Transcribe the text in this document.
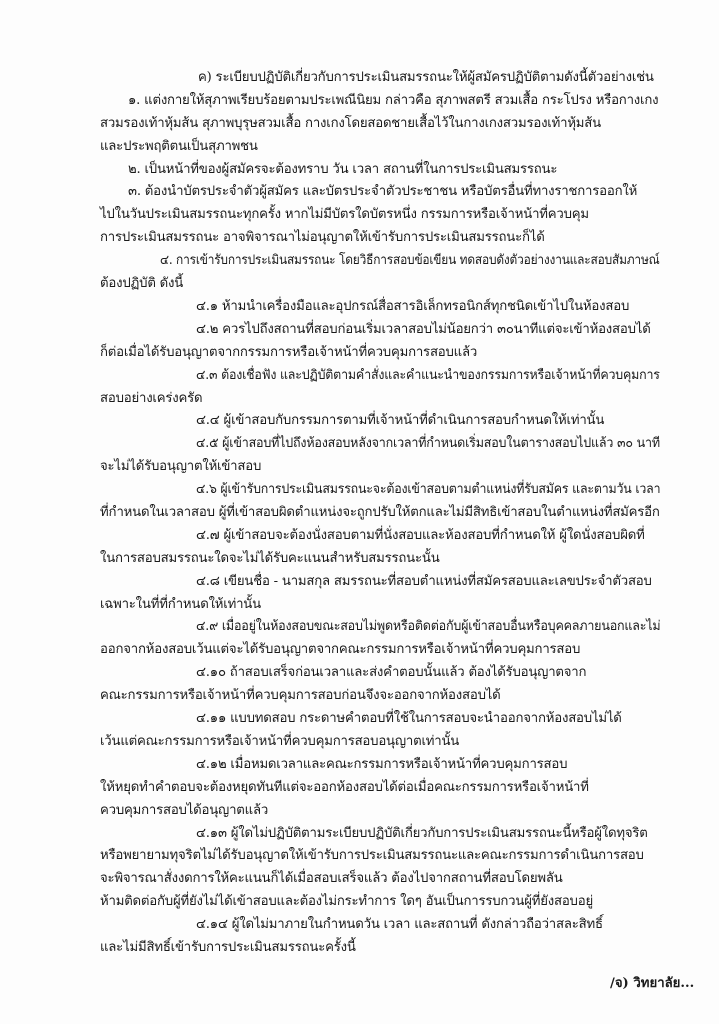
ค) ระเบียบปฏิบัติเกี่ยวกับการประเมินสมรรถนะให้ผู้สมัครปฏิบัติตามดังนี้ตัวอย่างเช่น
๑. แต่งกายให้สุภาพเรียบร้อยตามประเพณีนิยม กล่าวคือ สุภาพสตรี สวมเสื้อ กระโปรง หรือกางเกง
สวมรองเท้าหุ้มส้น สุภาพบุรุษสวมเสื้อ กางเกงโดยสอดชายเสื้อไว้ในกางเกงสวมรองเท้าหุ้มส้น
และประพฤติตนเป็นสุภาพชน
๒. เป็นหน้าที่ของผู้สมัครจะต้องทราบ วัน เวลา สถานที่ในการประเมินสมรรถนะ
๓. ต้องนำบัตรประจำตัวผู้สมัคร และบัตรประจำตัวประชาชน หรือบัตรอื่นที่ทางราชการออกให้
ไปในวันประเมินสมรรถนะทุกครั้ง หากไม่มีบัตรใดบัตรหนึ่ง กรรมการหรือเจ้าหน้าที่ควบคุม
การประเมินสมรรถนะ อาจพิจารณาไม่อนุญาตให้เข้ารับการประเมินสมรรถนะก็ได้
๔. การเข้ารับการประเมินสมรรถนะ โดยวิธีการสอบข้อเขียน ทดสอบดังตัวอย่างงานและสอบสัมภาษณ์
ต้องปฏิบัติ ดังนี้
๔.๑ ห้ามนำเครื่องมือและอุปกรณ์สื่อสารอิเล็กทรอนิกส์ทุกชนิดเข้าไปในห้องสอบ
๔.๒ ควรไปถึงสถานที่สอบก่อนเริ่มเวลาสอบไม่น้อยกว่า ๓๐นาทีแต่จะเข้าห้องสอบได้
ก็ต่อเมื่อได้รับอนุญาตจากกรรมการหรือเจ้าหน้าที่ควบคุมการสอบแล้ว
๔.๓ ต้องเชื่อฟัง และปฏิบัติตามคำสั่งและคำแนะนำของกรรมการหรือเจ้าหน้าที่ควบคุมการ
สอบอย่างเคร่งครัด
๔.๔ ผู้เข้าสอบกับกรรมการตามที่เจ้าหน้าที่ดำเนินการสอบกำหนดให้เท่านั้น
๔.๕ ผู้เข้าสอบที่ไปถึงห้องสอบหลังจากเวลาที่กำหนดเริ่มสอบในตารางสอบไปแล้ว ๓๐ นาที
จะไม่ได้รับอนุญาตให้เข้าสอบ
๔.๖ ผู้เข้ารับการประเมินสมรรถนะจะต้องเข้าสอบตามตำแหน่งที่รับสมัคร และตามวัน เวลา
ที่กำหนดในเวลาสอบ ผู้ที่เข้าสอบผิดตำแหน่งจะถูกปรับให้ตกและไม่มีสิทธิเข้าสอบในตำแหน่งที่สมัครอีก
๔.๗ ผู้เข้าสอบจะต้องนั่งสอบตามที่นั่งสอบและห้องสอบที่กำหนดให้ ผู้ใดนั่งสอบผิดที่
ในการสอบสมรรถนะใดจะไม่ได้รับคะแนนสำหรับสมรรถนะนั้น
๔.๘ เขียนชื่อ - นามสกุล สมรรถนะที่สอบตำแหน่งที่สมัครสอบและเลขประจำตัวสอบ
เฉพาะในที่ที่กำหนดให้เท่านั้น
๔.๙ เมื่ออยู่ในห้องสอบขณะสอบไม่พูดหรือติดต่อกับผู้เข้าสอบอื่นหรือบุคคลภายนอกและไม่
ออกจากห้องสอบเว้นแต่จะได้รับอนุญาตจากคณะกรรมการหรือเจ้าหน้าที่ควบคุมการสอบ
๔.๑๐ ถ้าสอบเสร็จก่อนเวลาและส่งคำตอบนั้นแล้ว ต้องได้รับอนุญาตจาก
คณะกรรมการหรือเจ้าหน้าที่ควบคุมการสอบก่อนจึงจะออกจากห้องสอบได้
๔.๑๑ แบบทดสอบ กระดาษคำตอบที่ใช้ในการสอบจะนำออกจากห้องสอบไม่ได้
เว้นแต่คณะกรรมการหรือเจ้าหน้าที่ควบคุมการสอบอนุญาตเท่านั้น
๔.๑๒ เมื่อหมดเวลาและคณะกรรมการหรือเจ้าหน้าที่ควบคุมการสอบ
ให้หยุดทำคำตอบจะต้องหยุดทันทีแต่จะออกห้องสอบได้ต่อเมื่อคณะกรรมการหรือเจ้าหน้าที่
ควบคุมการสอบได้อนุญาตแล้ว
๔.๑๓ ผู้ใดไม่ปฏิบัติตามระเบียบปฏิบัติเกี่ยวกับการประเมินสมรรถนะนี้หรือผู้ใดทุจริต
หรือพยายามทุจริตไม่ได้รับอนุญาตให้เข้ารับการประเมินสมรรถนะและคณะกรรมการดำเนินการสอบ
จะพิจารณาสั่งงดการให้คะแนนก็ได้เมื่อสอบเสร็จแล้ว ต้องไปจากสถานที่สอบโดยพลัน
ห้ามติดต่อกับผู้ที่ยังไม่ได้เข้าสอบและต้องไม่กระทำการ ใดๆ อันเป็นการรบกวนผู้ที่ยังสอบอยู่
๔.๑๔ ผู้ใดไม่มาภายในกำหนดวัน เวลา และสถานที่ ดังกล่าวถือว่าสละสิทธิ์
และไม่มีสิทธิ์เข้ารับการประเมินสมรรถนะครั้งนี้
/จ) วิทยาลัย...
